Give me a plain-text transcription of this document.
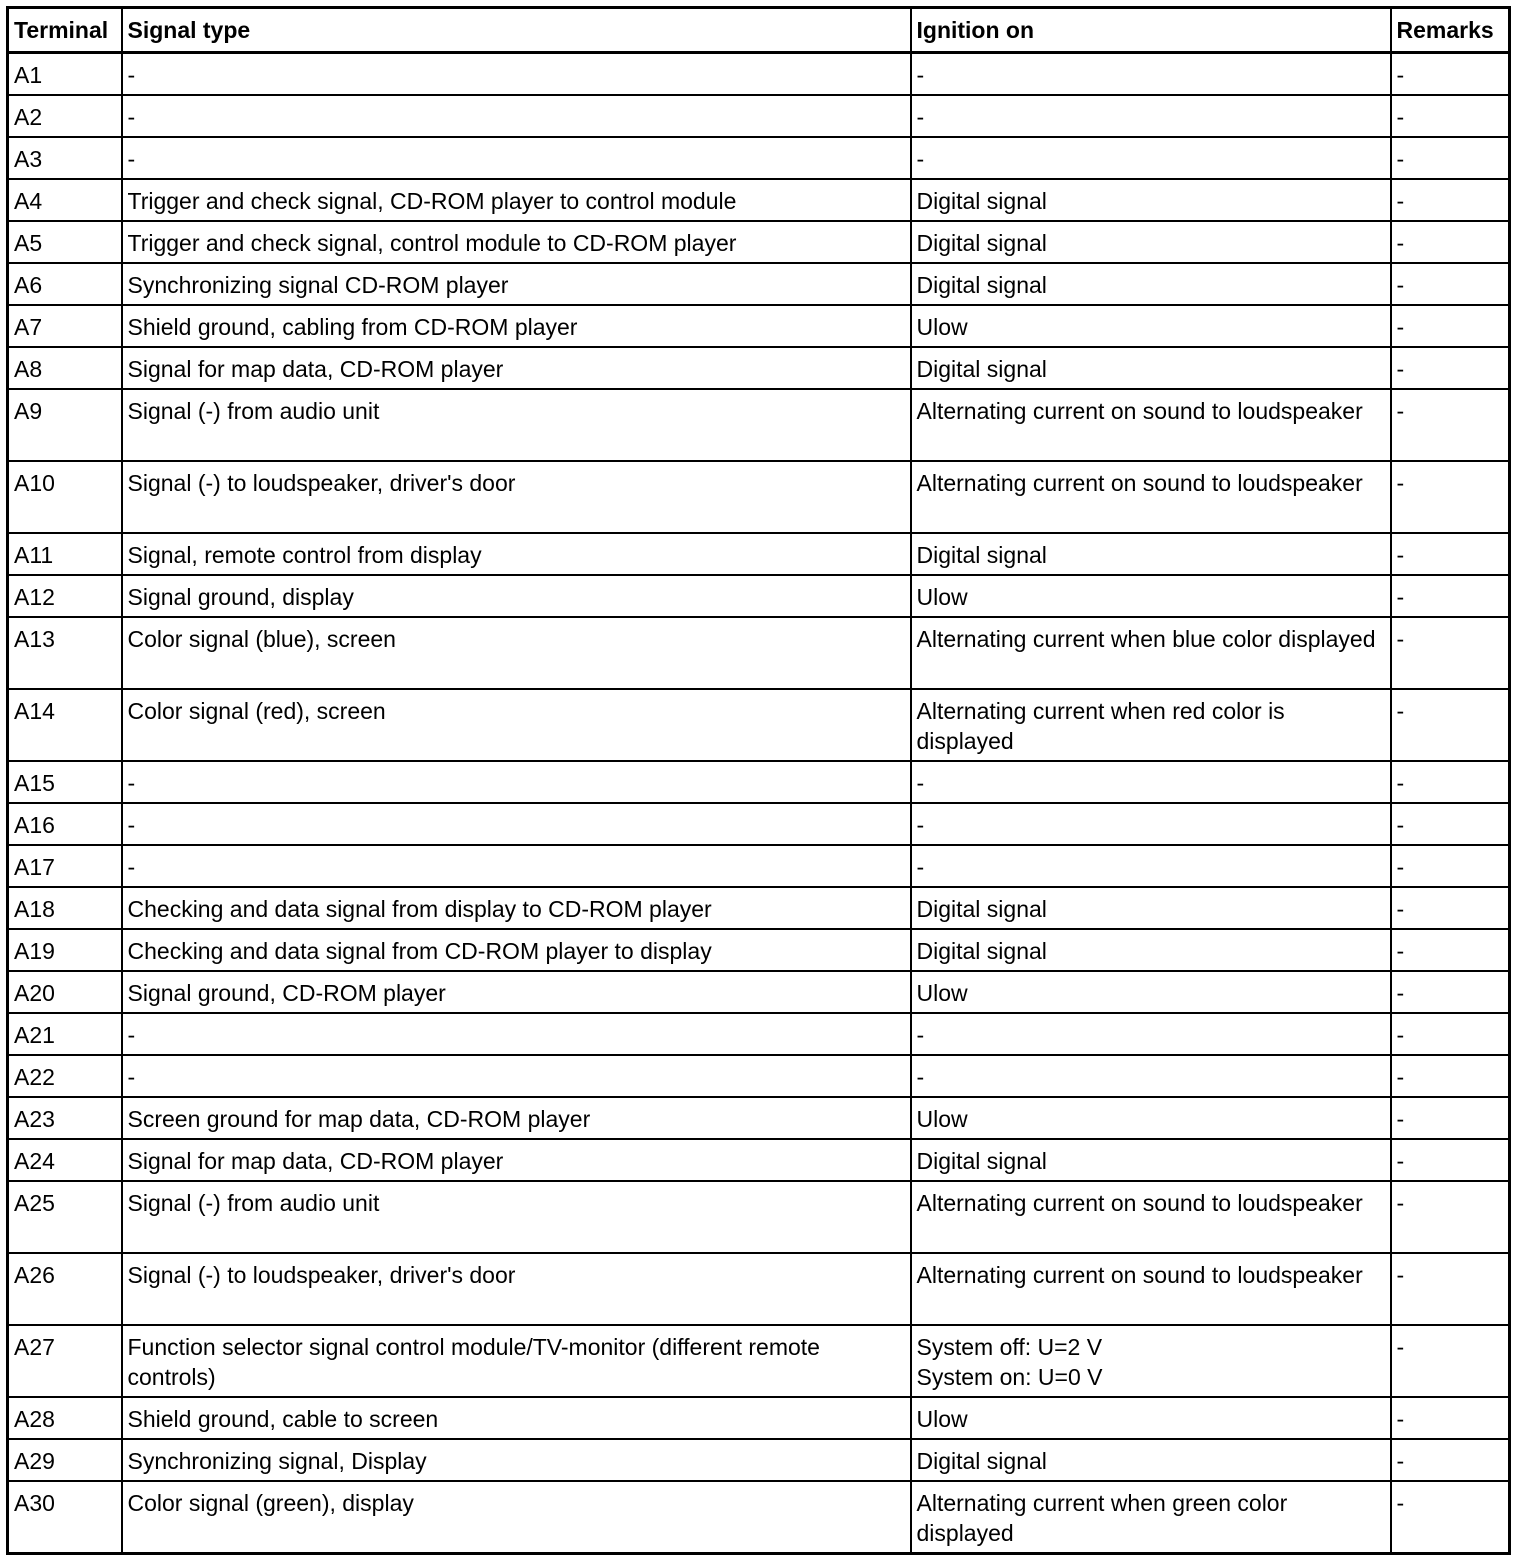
Terminal	Signal type	Ignition on	Remarks
A1	-	-	-
A2	-	-	-
A3	-	-	-
A4	Trigger and check signal, CD-ROM player to control module	Digital signal	-
A5	Trigger and check signal, control module to CD-ROM player	Digital signal	-
A6	Synchronizing signal CD-ROM player	Digital signal	-
A7	Shield ground, cabling from CD-ROM player	Ulow	-
A8	Signal for map data, CD-ROM player	Digital signal	-
A9	Signal (-) from audio unit	Alternating current on sound to loudspeaker	-
A10	Signal (-) to loudspeaker, driver's door	Alternating current on sound to loudspeaker	-
A11	Signal, remote control from display	Digital signal	-
A12	Signal ground, display	Ulow	-
A13	Color signal (blue), screen	Alternating current when blue color displayed	-
A14	Color signal (red), screen	Alternating current when red color is displayed	-
A15	-	-	-
A16	-	-	-
A17	-	-	-
A18	Checking and data signal from display to CD-ROM player	Digital signal	-
A19	Checking and data signal from CD-ROM player to display	Digital signal	-
A20	Signal ground, CD-ROM player	Ulow	-
A21	-	-	-
A22	-	-	-
A23	Screen ground for map data, CD-ROM player	Ulow	-
A24	Signal for map data, CD-ROM player	Digital signal	-
A25	Signal (-) from audio unit	Alternating current on sound to loudspeaker	-
A26	Signal (-) to loudspeaker, driver's door	Alternating current on sound to loudspeaker	-
A27	Function selector signal control module/TV-monitor (different remote controls)	System off: U=2 V
System on: U=0 V	-
A28	Shield ground, cable to screen	Ulow	-
A29	Synchronizing signal, Display	Digital signal	-
A30	Color signal (green), display	Alternating current when green color displayed	-
